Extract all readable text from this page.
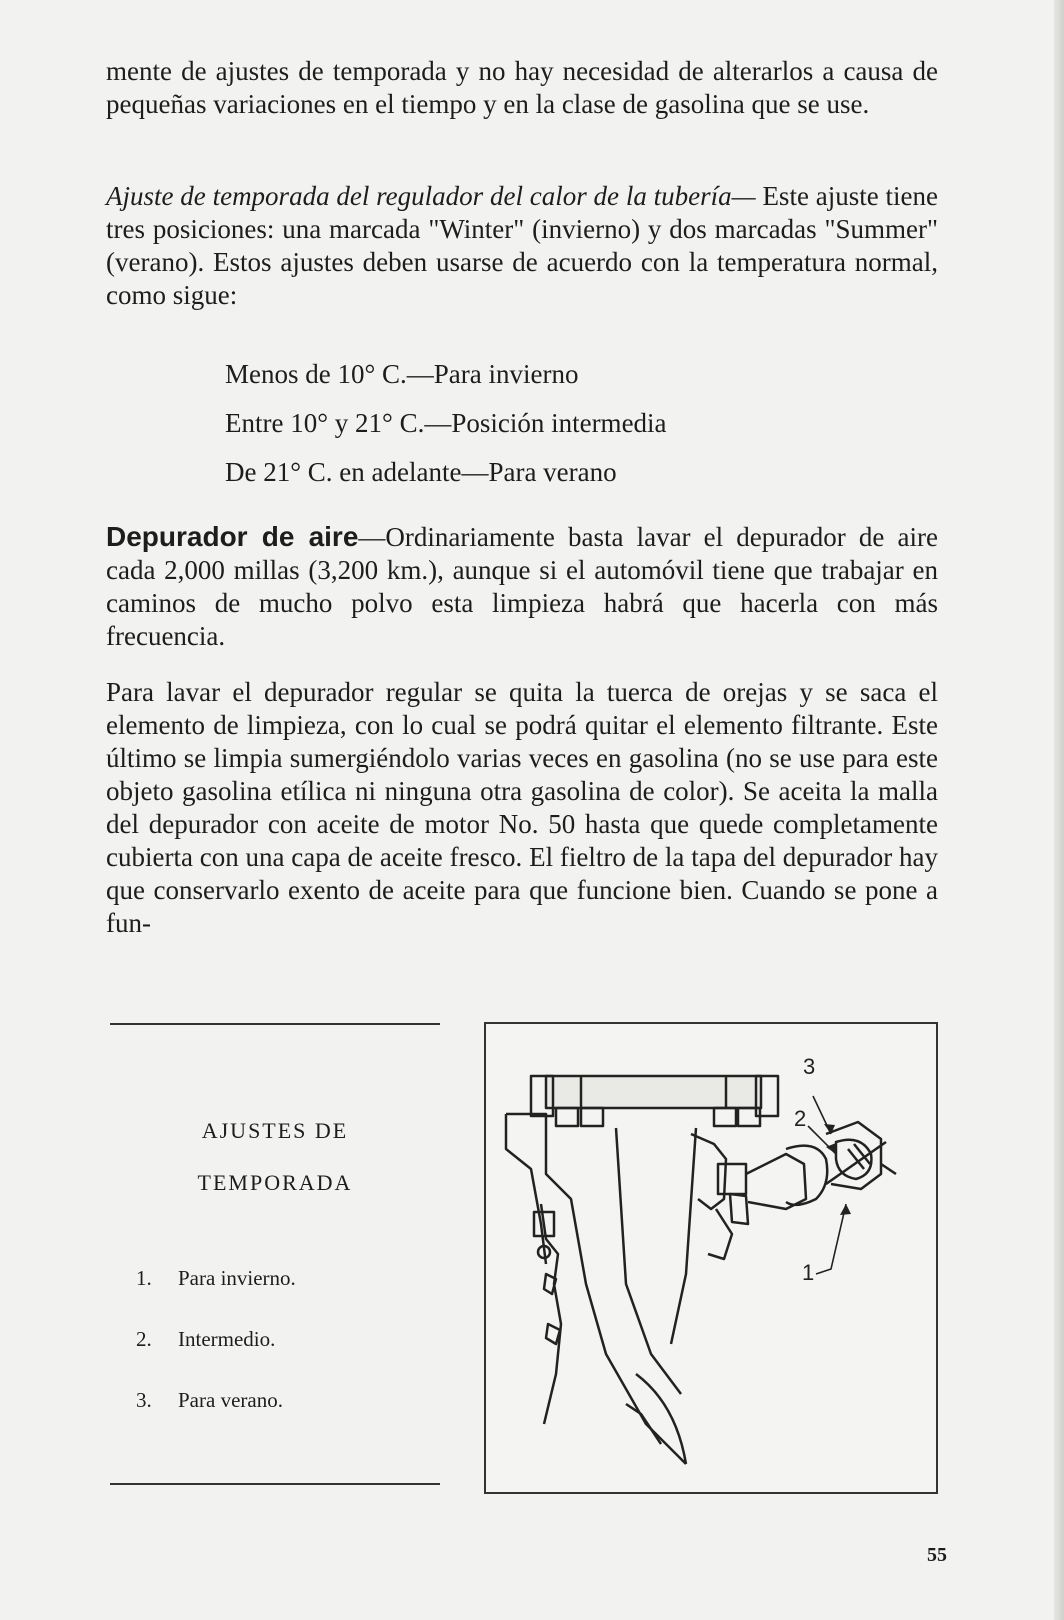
mente de ajustes de temporada y no hay necesidad de alterarlos a causa de pequeñas variaciones en el tiempo y en la clase de gasolina que se use.

Ajuste de temporada del regulador del calor de la tubería— Este ajuste tiene tres posiciones: una marcada "Winter" (invierno) y dos marcadas "Summer" (verano). Estos ajustes deben usarse de acuerdo con la temperatura normal, como sigue:

Menos de 10° C.—Para invierno
Entre 10° y 21° C.—Posición intermedia
De 21° C. en adelante—Para verano

Depurador de aire—Ordinariamente basta lavar el depurador de aire cada 2,000 millas (3,200 km.), aunque si el automóvil tiene que trabajar en caminos de mucho polvo esta limpieza habrá que hacerla con más frecuencia.

Para lavar el depurador regular se quita la tuerca de orejas y se saca el elemento de limpieza, con lo cual se podrá quitar el elemento filtrante. Este último se limpia sumergiéndolo varias veces en gasolina (no se use para este objeto gasolina etílica ni ninguna otra gasolina de color). Se aceita la malla del depurador con aceite de motor No. 50 hasta que quede completamente cubierta con una capa de aceite fresco. El fieltro de la tapa del depurador hay que conservarlo exento de aceite para que funcione bien. Cuando se pone a fun-

AJUSTES DE
TEMPORADA
1. Para invierno.
2. Intermedio.
3. Para verano.
3
2
1
55
